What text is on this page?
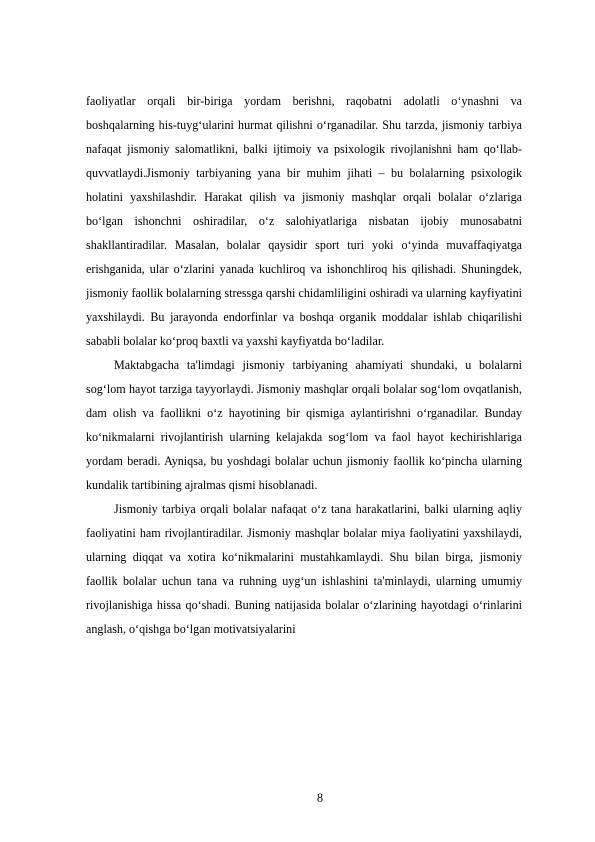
faoliyatlar orqali bir-biriga yordam berishni, raqobatni adolatli o‘ynashni va boshqalarning his-tuyg‘ularini hurmat qilishni o‘rganadilar. Shu tarzda, jismoniy tarbiya nafaqat jismoniy salomatlikni, balki ijtimoiy va psixologik rivojlanishni ham qo‘llab-quvvatlaydi.Jismoniy tarbiyaning yana bir muhim jihati – bu bolalarning psixologik holatini yaxshilashdir. Harakat qilish va jismoniy mashqlar orqali bolalar o‘zlariga bo‘lgan ishonchni oshiradilar, o‘z salohiyatlariga nisbatan ijobiy munosabatni shakllantiradilar. Masalan, bolalar qaysidir sport turi yoki o‘yinda muvaffaqiyatga erishganida, ular o‘zlarini yanada kuchliroq va ishonchliroq his qilishadi. Shuningdek, jismoniy faollik bolalarning stressga qarshi chidamliligini oshiradi va ularning kayfiyatini yaxshilaydi. Bu jarayonda endorfinlar va boshqa organik moddalar ishlab chiqarilishi sababli bolalar ko‘proq baxtli va yaxshi kayfiyatda bo‘ladilar.

Maktabgacha ta'limdagi jismoniy tarbiyaning ahamiyati shundaki, u bolalarni sog‘lom hayot tarziga tayyorlaydi. Jismoniy mashqlar orqali bolalar sog‘lom ovqatlanish, dam olish va faollikni o‘z hayotining bir qismiga aylantirishni o‘rganadilar. Bunday ko‘nikmalarni rivojlantirish ularning kelajakda sog‘lom va faol hayot kechirishlariga yordam beradi. Ayniqsa, bu yoshdagi bolalar uchun jismoniy faollik ko‘pincha ularning kundalik tartibining ajralmas qismi hisoblanadi.

Jismoniy tarbiya orqali bolalar nafaqat o‘z tana harakatlarini, balki ularning aqliy faoliyatini ham rivojlantiradilar. Jismoniy mashqlar bolalar miya faoliyatini yaxshilaydi, ularning diqqat va xotira ko‘nikmalarini mustahkamlaydi. Shu bilan birga, jismoniy faollik bolalar uchun tana va ruhning uyg‘un ishlashini ta'minlaydi, ularning umumiy rivojlanishiga hissa qo‘shadi. Buning natijasida bolalar o‘zlarining hayotdagi o‘rinlarini anglash, o‘qishga bo‘lgan motivatsiyalarini

8
